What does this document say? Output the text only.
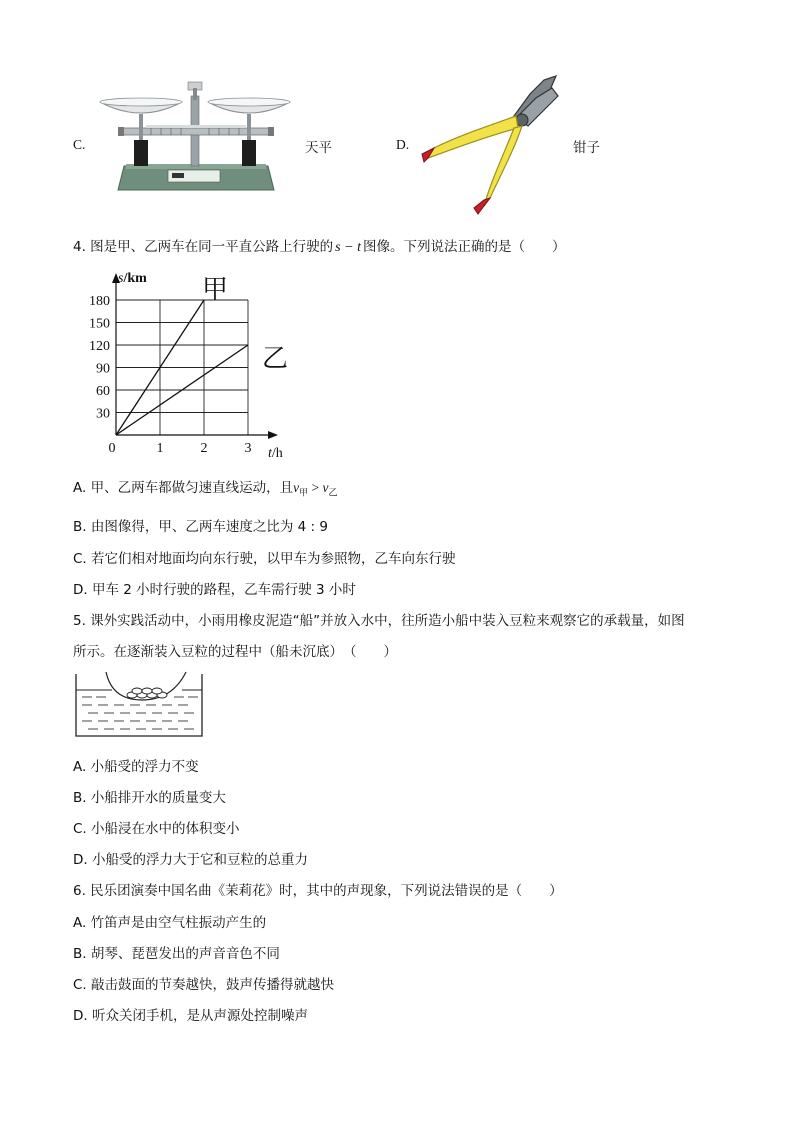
C.	天平	D.	钳子
4. 图是甲、乙两车在同一平直公路上行驶的 s − t 图像。下列说法正确的是（　　）
0	1	2	3
30
60
90
120
150
180
s/km
t/h
甲
乙
A. 甲、乙两车都做匀速直线运动，且$v_甲 > v_乙$
B. 由图像得，甲、乙两车速度之比为 4 : 9
C. 若它们相对地面均向东行驶，以甲车为参照物，乙车向东行驶
D. 甲车 2 小时行驶的路程，乙车需行驶 3 小时
5. 课外实践活动中，小雨用橡皮泥造“船”并放入水中，往所造小船中装入豆粒来观察它的承载量，如图
所示。在逐渐装入豆粒的过程中（船未沉底）　（　　）
A. 小船受的浮力不变
B. 小船排开水的质量变大
C. 小船浸在水中的体积变小
D. 小船受的浮力大于它和豆粒的总重力
6. 民乐团演奏中国名曲《茉莉花》时，其中的声现象，下列说法错误的是（　　）
A. 竹笛声是由空气柱振动产生的
B. 胡琴、琵琶发出的声音音色不同
C. 敲击鼓面的节奏越快，鼓声传播得就越快
D. 听众关闭手机，是从声源处控制噪声
